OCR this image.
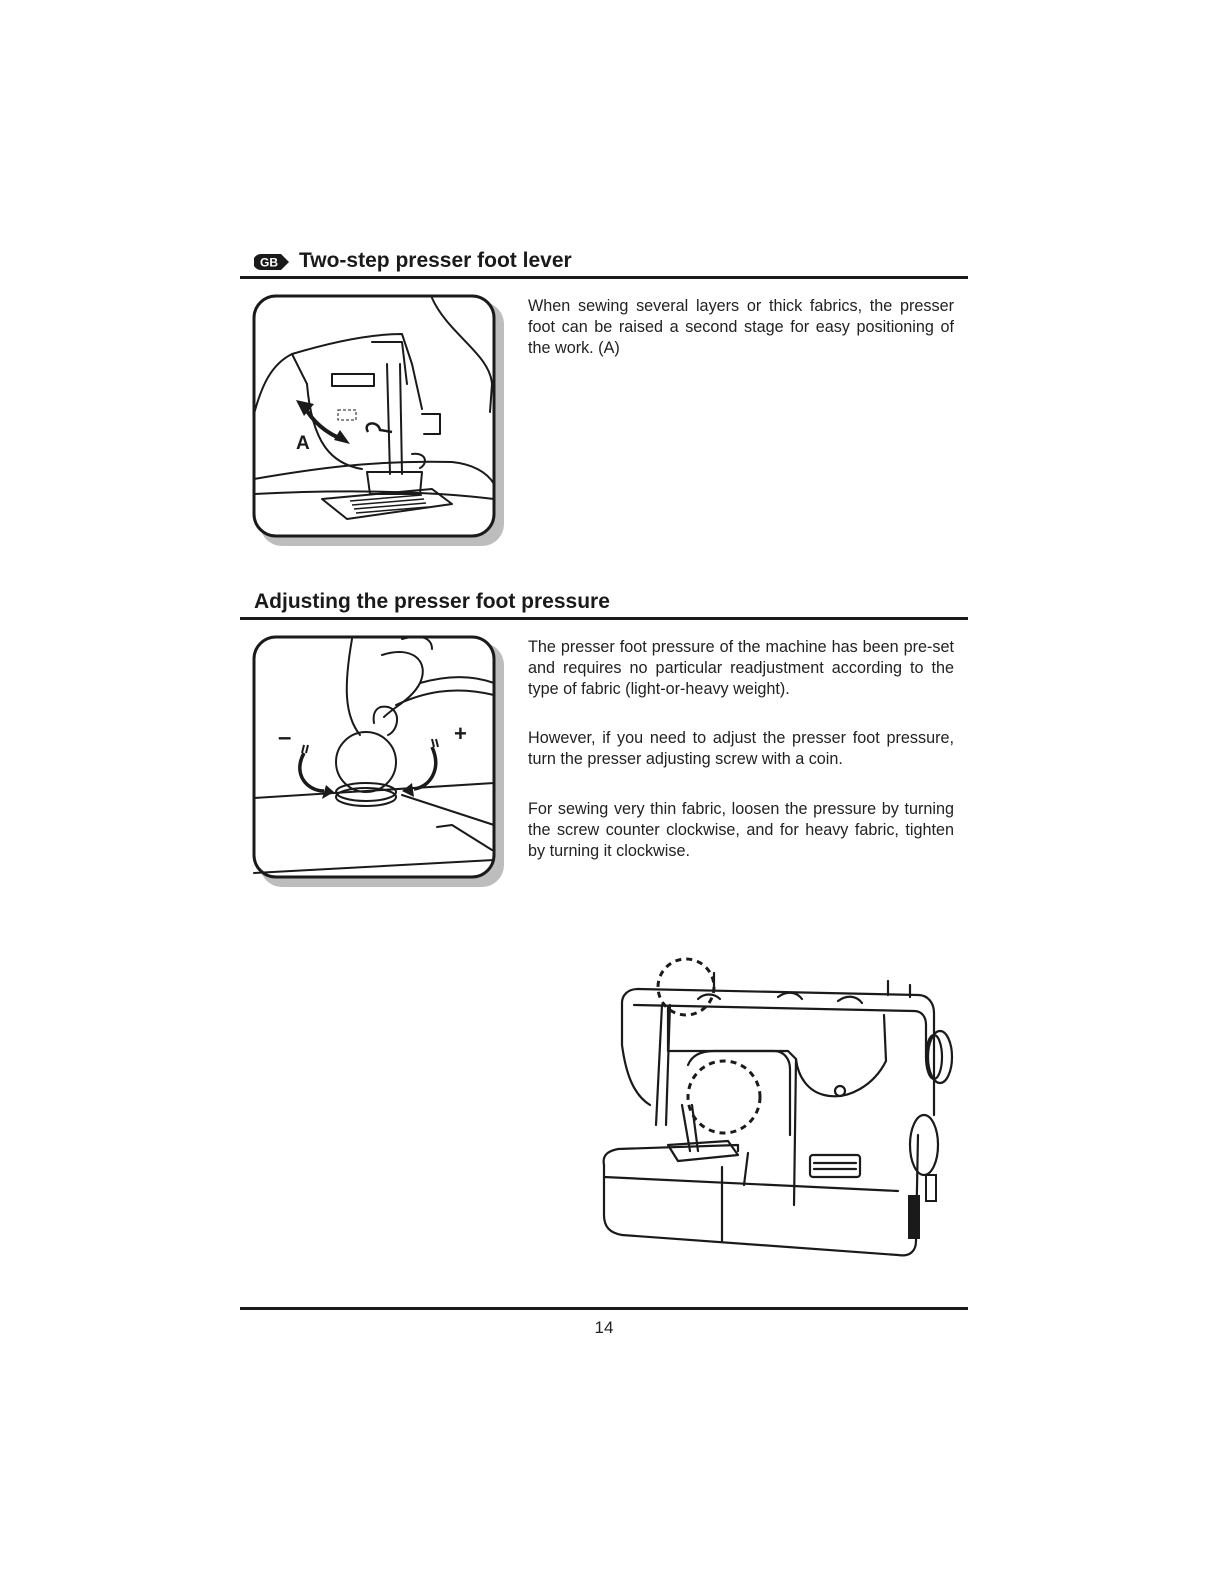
GB Two-step presser foot lever
A
When sewing several layers or thick fabrics, the presser foot can be raised a second stage for easy positioning of the work. (A)
Adjusting the presser foot pressure
–	+
The presser foot pressure of the machine has been pre-set and requires no particular readjustment according to the type of fabric (light-or-heavy weight).
However, if you need to adjust the presser foot pressure, turn the presser adjusting screw with a coin.
For sewing very thin fabric, loosen the pressure by turning the screw counter clockwise, and for heavy fabric, tighten by turning it clockwise.
14
